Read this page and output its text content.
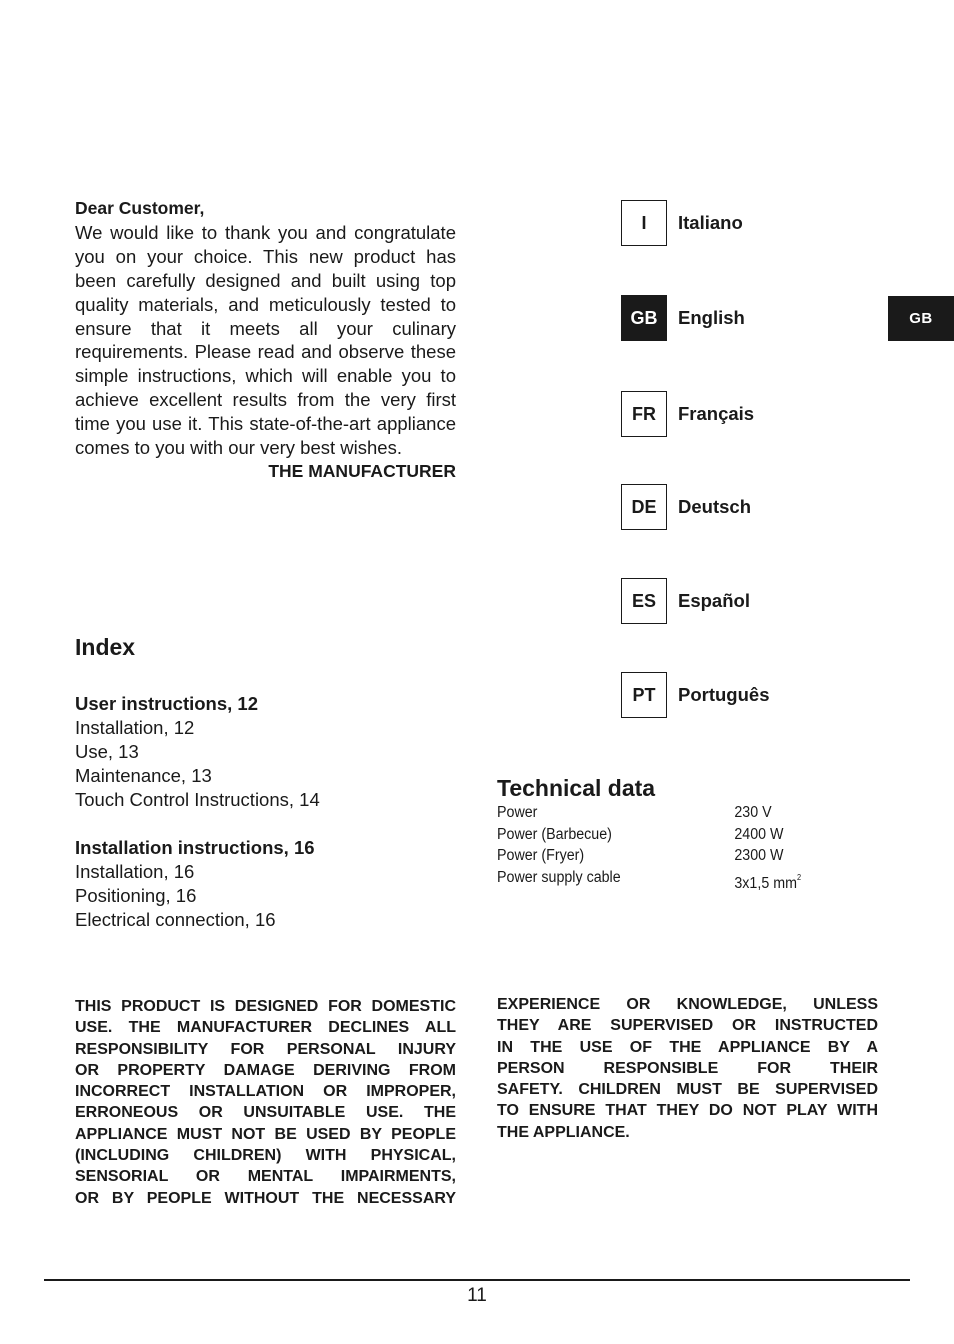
Dear Customer,
We would like to thank you and congratulate you on your choice. This new product has been carefully designed and built using top quality materials, and meticulously tested to ensure that it meets all your culinary requirements. Please read and observe these simple instructions, which will enable you to achieve excellent results from the very first time you use it. This state-of-the-art appliance comes to you with our very best wishes.
THE MANUFACTURER
Index
User instructions, 12
Installation, 12
Use, 13
Maintenance, 13
Touch Control Instructions, 14
Installation instructions, 16
Installation, 16
Positioning, 16
Electrical connection, 16
I	Italiano
GB	English
FR	Français
DE	Deutsch
ES	Español
PT	Português
GB
Technical data
Power	230 V
Power (Barbecue)	2400 W
Power (Fryer)	2300 W
Power supply cable	3x1,5 $mm^2$
THIS PRODUCT IS DESIGNED FOR DOMESTIC
USE. THE MANUFACTURER DECLINES ALL
RESPONSIBILITY FOR PERSONAL INJURY
OR PROPERTY DAMAGE DERIVING FROM
INCORRECT INSTALLATION OR IMPROPER,
ERRONEOUS OR UNSUITABLE USE. THE
APPLIANCE MUST NOT BE USED BY PEOPLE
(INCLUDING CHILDREN) WITH PHYSICAL,
SENSORIAL OR MENTAL IMPAIRMENTS,
OR BY PEOPLE WITHOUT THE NECESSARY
EXPERIENCE OR KNOWLEDGE, UNLESS
THEY ARE SUPERVISED OR INSTRUCTED
IN THE USE OF THE APPLIANCE BY A
PERSON RESPONSIBLE FOR THEIR
SAFETY. CHILDREN MUST BE SUPERVISED
TO ENSURE THAT THEY DO NOT PLAY WITH
THE APPLIANCE.
11
